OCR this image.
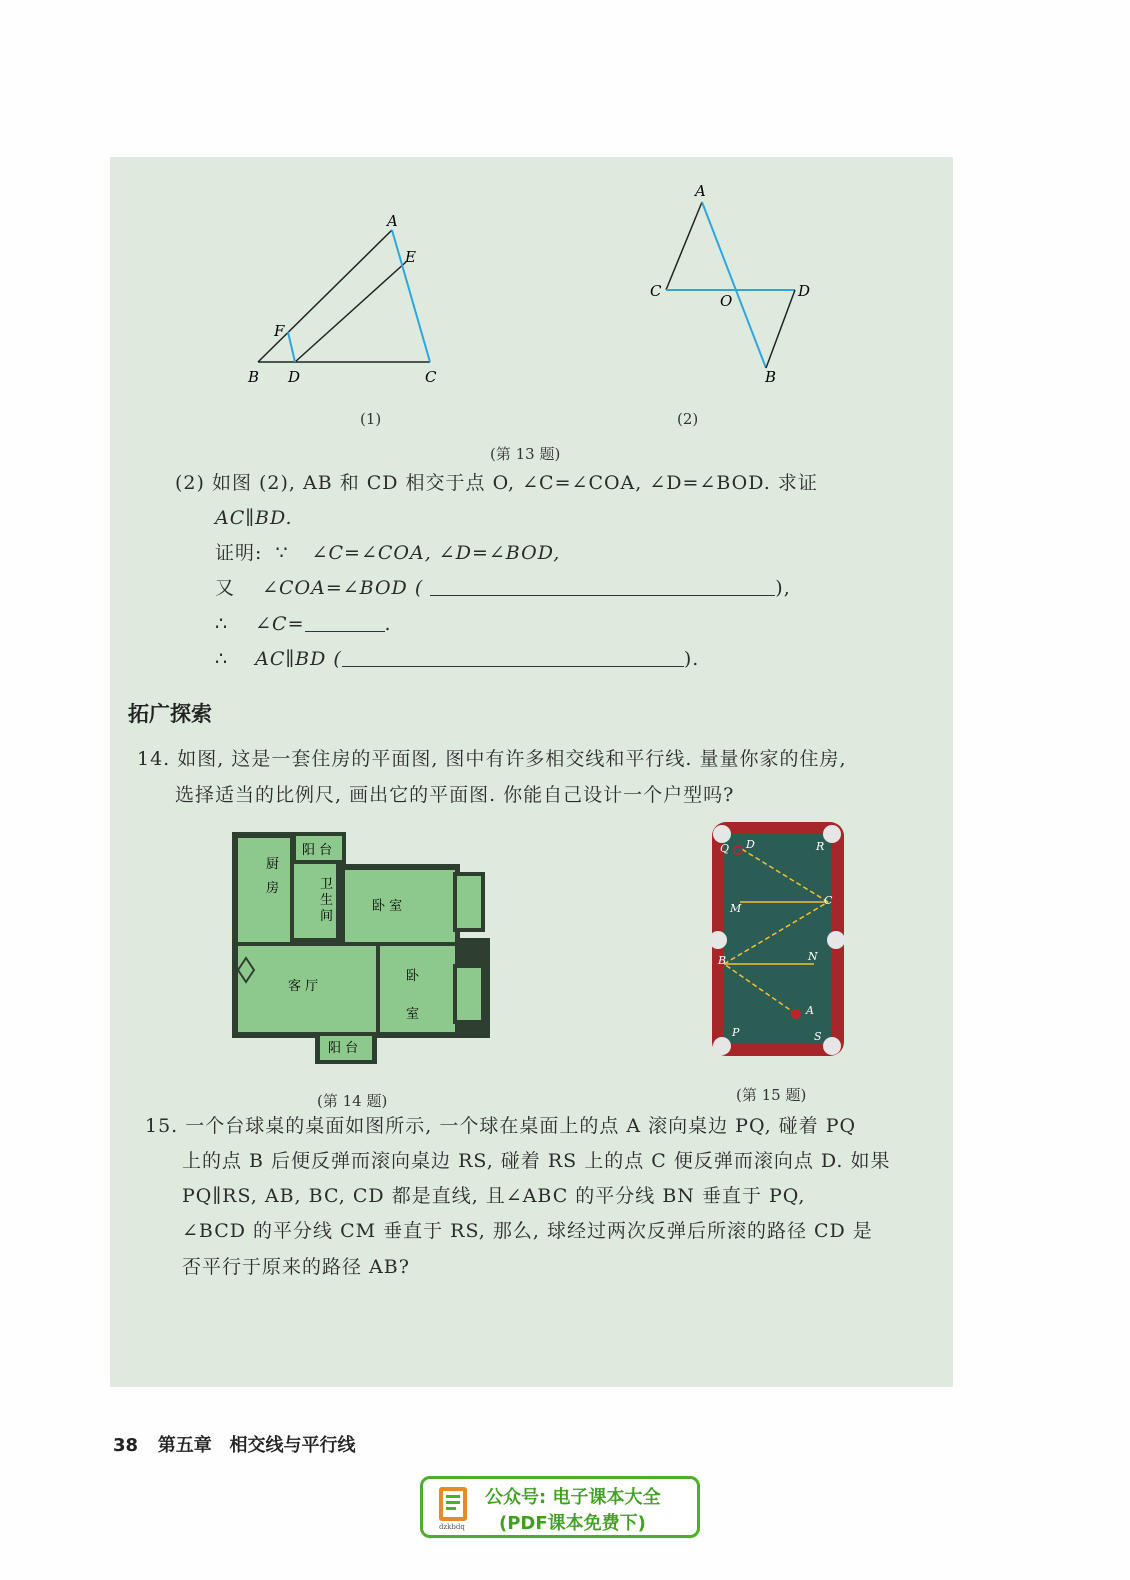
A
E
F
B D	C
(1)
A
C
O
D
B
(2)
(第 13 题)
(2) 如图 (2), AB 和 CD 相交于点 O, ∠C=∠COA, ∠D=∠BOD. 求证
AC∥BD.
证明: ∵ ∠C=∠COA, ∠D=∠BOD,
又 ∠COA=∠BOD (	),
∴ ∠C=	.
∴ AC∥BD (	).
拓广探索
14. 如图, 这是一套住房的平面图, 图中有许多相交线和平行线. 量量你家的住房,
选择适当的比例尺, 画出它的平面图. 你能自己设计一个户型吗?
阳 台
厨
房	卫
生
间
卧 室
客 厅
卧
室
阳 台
(第 14 题)
Q D	R
M
C
B	N
A
P	S
(第 15 题)
15. 一个台球桌的桌面如图所示, 一个球在桌面上的点 A 滚向桌边 PQ, 碰着 PQ
上的点 B 后便反弹而滚向桌边 RS, 碰着 RS 上的点 C 便反弹而滚向点 D. 如果
PQ∥RS, AB, BC, CD 都是直线, 且∠ABC 的平分线 BN 垂直于 PQ,
∠BCD 的平分线 CM 垂直于 RS, 那么, 球经过两次反弹后所滚的路径 CD 是
否平行于原来的路径 AB?
38 第五章 相交线与平行线
dzkbdq
公众号: 电子课本大全
(PDF课本免费下)
